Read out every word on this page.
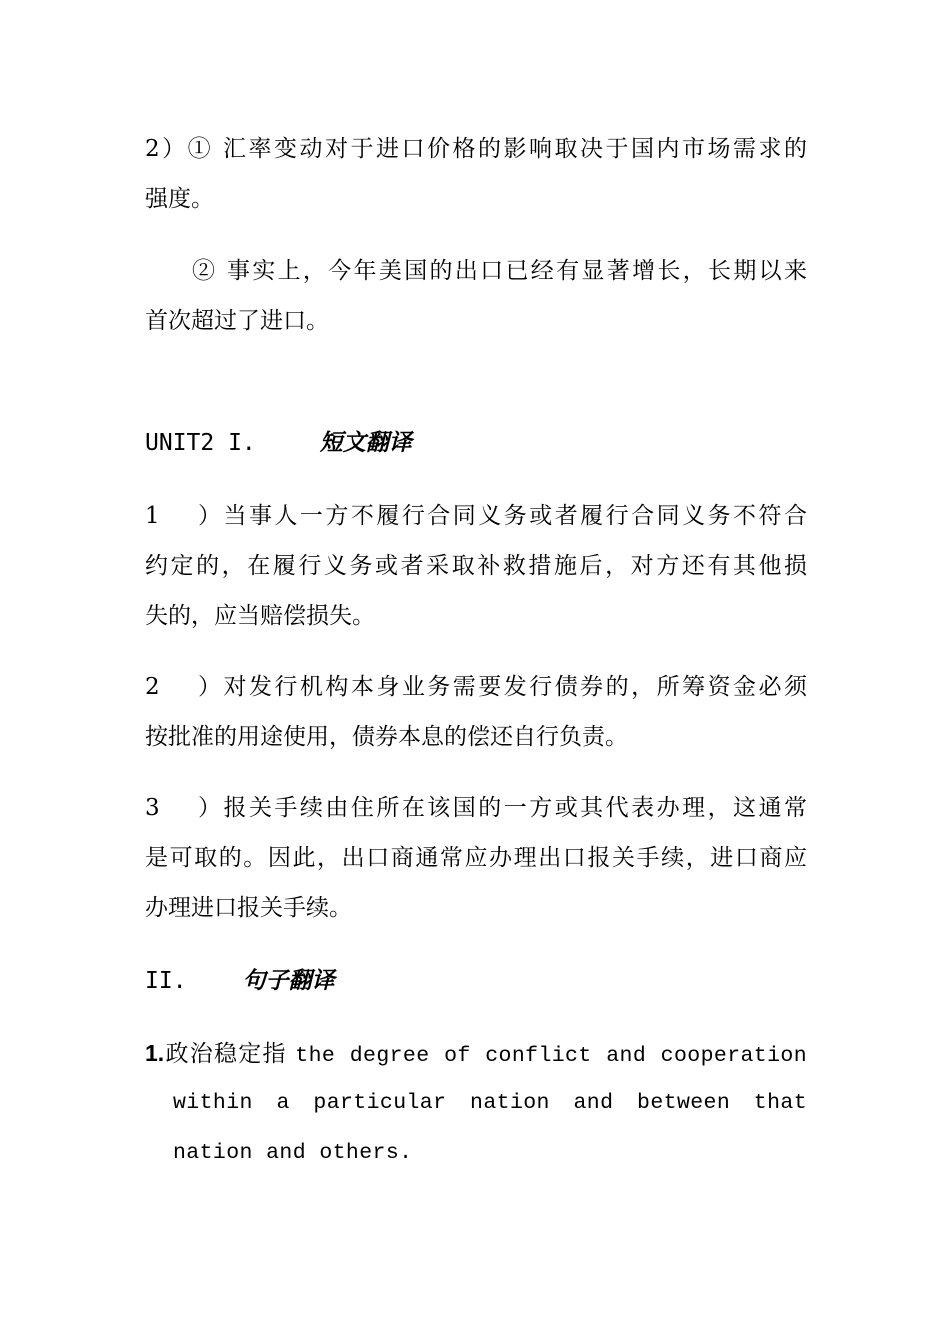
2）① 汇率变动对于进口价格的影响取决于国内市场需求的
强度。
② 事实上，今年美国的出口已经有显著增长，长期以来
首次超过了进口。
UNIT2 I.	短文翻译
1）当事人一方不履行合同义务或者履行合同义务不符合
约定的，在履行义务或者采取补救措施后，对方还有其他损
失的，应当赔偿损失。
2）对发行机构本身业务需要发行债券的，所筹资金必须
按批准的用途使用，债券本息的偿还自行负责。
3）报关手续由住所在该国的一方或其代表办理，这通常
是可取的。因此，出口商通常应办理出口报关手续，进口商应
办理进口报关手续。
II. 句子翻译
1.政治稳定指 the degree of conflict and cooperation
within a particular nation and between that
nation and others.
